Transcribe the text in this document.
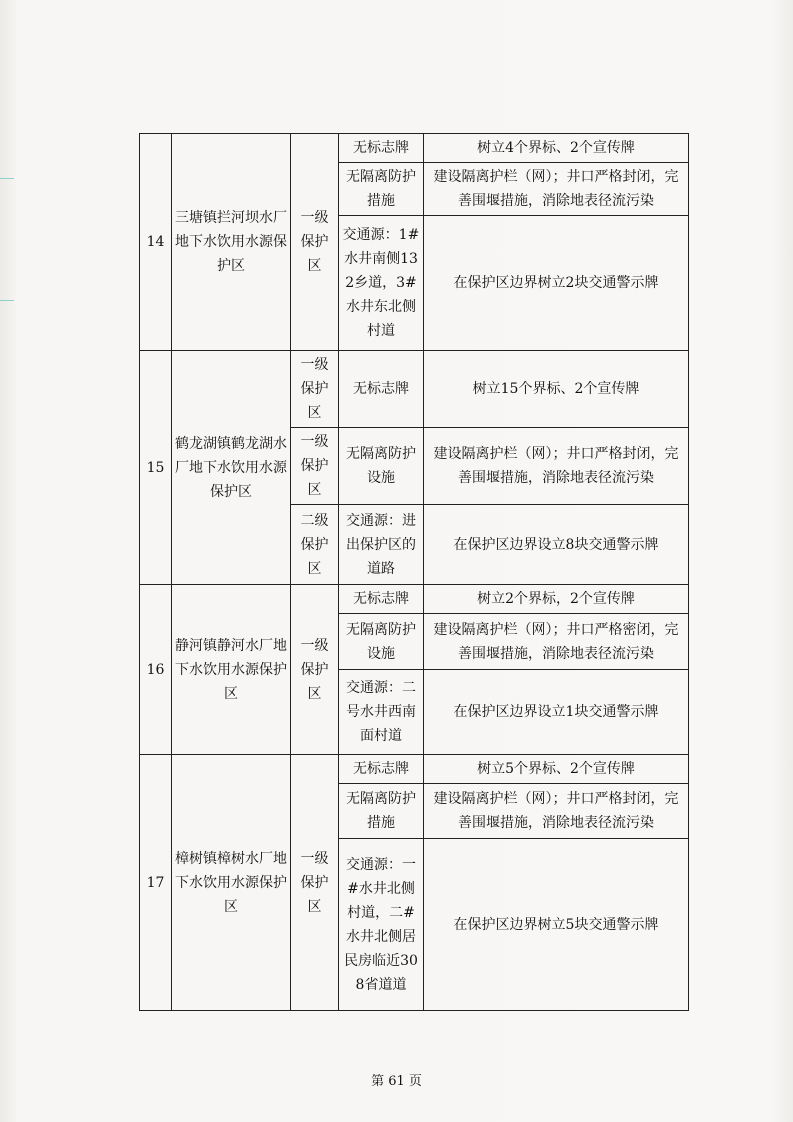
14	三塘镇拦河坝水厂地下水饮用水源保护区	一级保护区	无标志牌	树立4个界标、2个宣传牌
			无隔离防护措施	建设隔离护栏（网）；井口严格封闭，完善围堰措施，消除地表径流污染
			交通源：1#水井南侧132乡道，3#水井东北侧村道	在保护区边界树立2块交通警示牌
15	鹤龙湖镇鹤龙湖水厂地下水饮用水源保护区	一级保护区	无标志牌	树立15个界标、2个宣传牌
		一级保护区	无隔离防护设施	建设隔离护栏（网）；井口严格封闭，完善围堰措施，消除地表径流污染
		二级保护区	交通源：进出保护区的道路	在保护区边界设立8块交通警示牌
16	静河镇静河水厂地下水饮用水源保护区	一级保护区	无标志牌	树立2个界标，2个宣传牌
			无隔离防护设施	建设隔离护栏（网）；井口严格密闭，完善围堰措施，消除地表径流污染
			交通源：二号水井西南面村道	在保护区边界设立1块交通警示牌
17	樟树镇樟树水厂地下水饮用水源保护区	一级保护区	无标志牌	树立5个界标、2个宣传牌
			无隔离防护措施	建设隔离护栏（网）；井口严格封闭，完善围堰措施，消除地表径流污染
			交通源：一#水井北侧村道，二#水井北侧居民房临近308省道道	在保护区边界树立5块交通警示牌
第 61 页
